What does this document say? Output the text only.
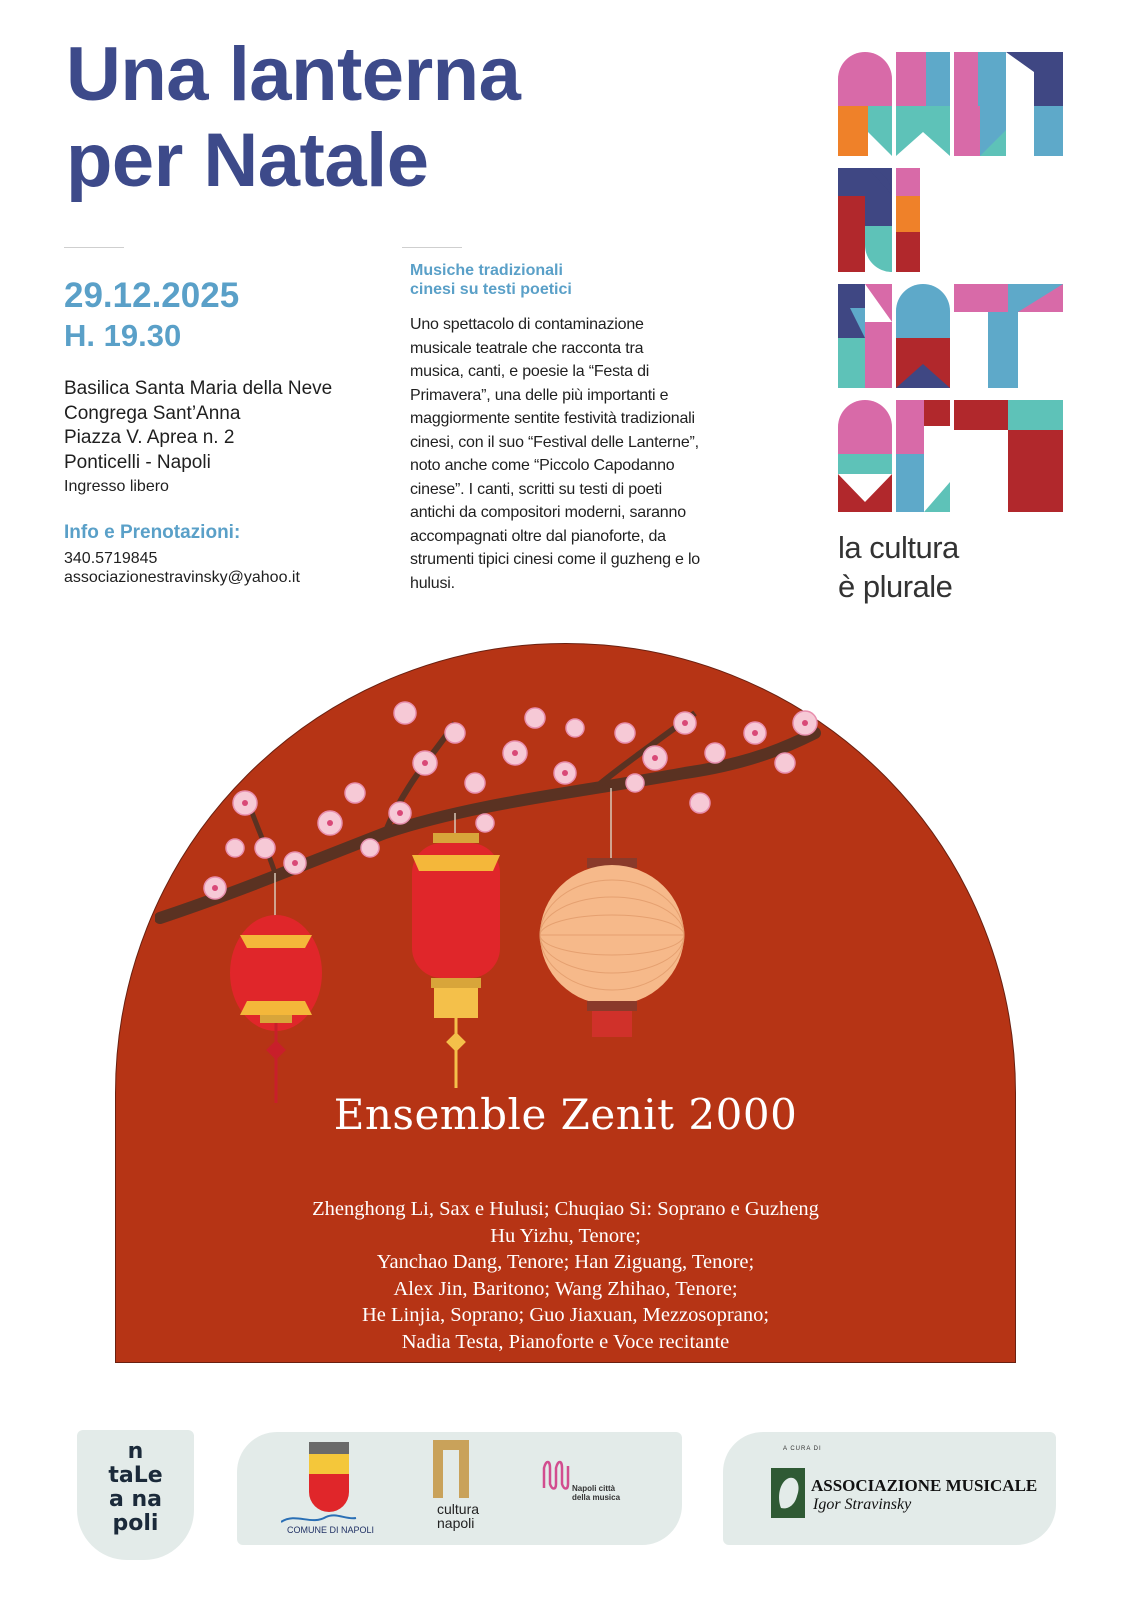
Una lanterna
per Natale
29.12.2025
H. 19.30
Basilica Santa Maria della Neve
Congrega Sant’Anna
Piazza V. Aprea n. 2
Ponticelli - Napoli
Ingresso libero
Info e Prenotazioni:
340.5719845
associazionestravinsky@yahoo.it
Musiche tradizionali
cinesi su testi poetici
Uno spettacolo di contaminazione musicale teatrale che racconta tra musica, canti, e poesie la “Festa di Primavera”, una delle più importanti e maggiormente sentite festività tradizionali cinesi, con il suo “Festival delle Lanterne”, noto anche come “Piccolo Capodanno cinese”. I canti, scritti su testi di poeti antichi da compositori moderni, saranno accompagnati oltre dal pianoforte, da strumenti tipici cinesi come il guzheng e lo hulusi.
la cultura
è plurale
Ensemble Zenit 2000
Zhenghong Li, Sax e Hulusi; Chuqiao Si: Soprano e Guzheng
Hu Yizhu, Tenore;
Yanchao Dang, Tenore; Han Ziguang, Tenore;
Alex Jin, Baritono; Wang Zhihao, Tenore;
He Linjia, Soprano; Guo Jiaxuan, Mezzosoprano;
Nadia Testa, Pianoforte e Voce recitante
n
taLe
a na
poli	COMUNE DI NAPOLI
cultura
napoli
Napoli città
della musica
A CURA DI
ASSOCIAZIONE MUSICALE
Igor Stravinsky
